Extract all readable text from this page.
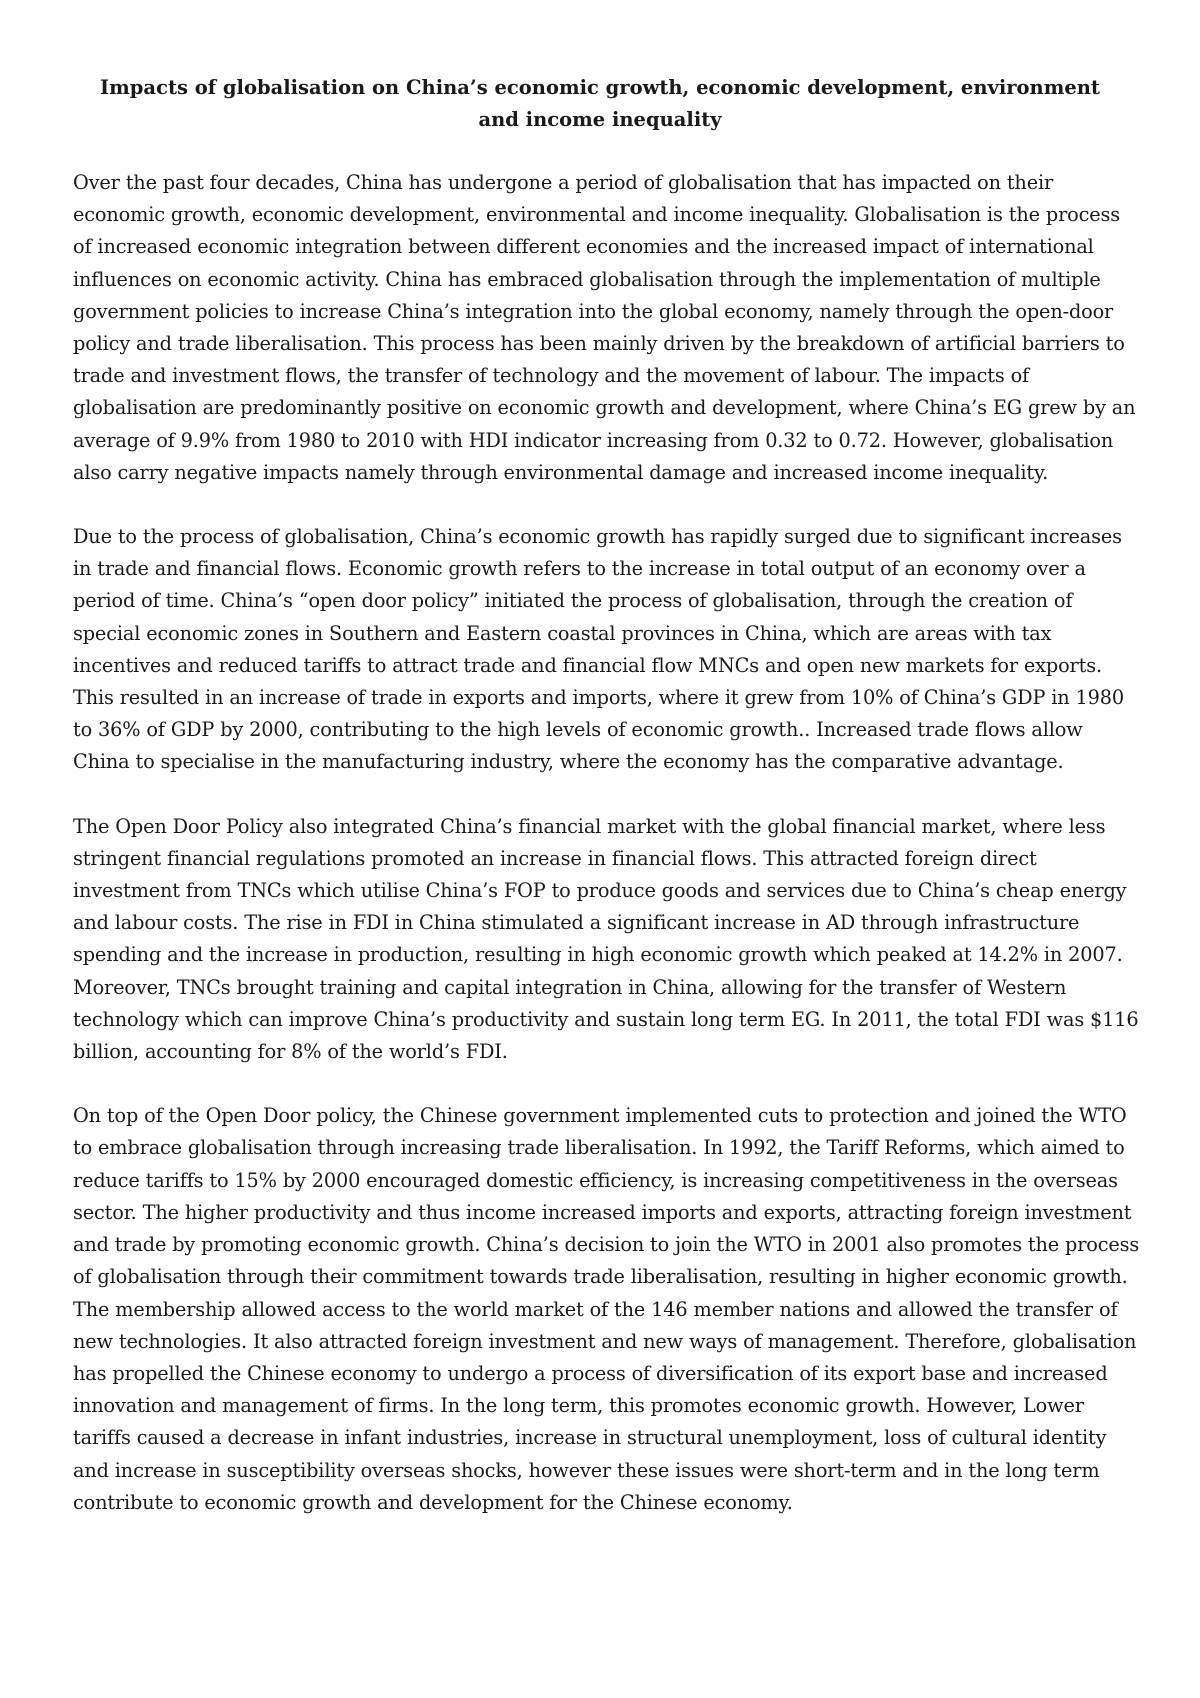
Impacts of globalisation on China’s economic growth, economic development, environment and income inequality

Over the past four decades, China has undergone a period of globalisation that has impacted on their economic growth, economic development, environmental and income inequality. Globalisation is the process of increased economic integration between different economies and the increased impact of international influences on economic activity. China has embraced globalisation through the implementation of multiple government policies to increase China’s integration into the global economy, namely through the open-door policy and trade liberalisation. This process has been mainly driven by the breakdown of artificial barriers to trade and investment flows, the transfer of technology and the movement of labour. The impacts of globalisation are predominantly positive on economic growth and development, where China’s EG grew by an average of 9.9% from 1980 to 2010 with HDI indicator increasing from 0.32 to 0.72. However, globalisation also carry negative impacts namely through environmental damage and increased income inequality.

Due to the process of globalisation, China’s economic growth has rapidly surged due to significant increases in trade and financial flows. Economic growth refers to the increase in total output of an economy over a period of time. China’s “open door policy” initiated the process of globalisation, through the creation of special economic zones in Southern and Eastern coastal provinces in China, which are areas with tax incentives and reduced tariffs to attract trade and financial flow MNCs and open new markets for exports. This resulted in an increase of trade in exports and imports, where it grew from 10% of China’s GDP in 1980 to 36% of GDP by 2000, contributing to the high levels of economic growth.. Increased trade flows allow China to specialise in the manufacturing industry, where the economy has the comparative advantage.

The Open Door Policy also integrated China’s financial market with the global financial market, where less stringent financial regulations promoted an increase in financial flows. This attracted foreign direct investment from TNCs which utilise China’s FOP to produce goods and services due to China’s cheap energy and labour costs. The rise in FDI in China stimulated a significant increase in AD through infrastructure spending and the increase in production, resulting in high economic growth which peaked at 14.2% in 2007. Moreover, TNCs brought training and capital integration in China, allowing for the transfer of Western technology which can improve China’s productivity and sustain long term EG. In 2011, the total FDI was $116 billion, accounting for 8% of the world’s FDI.

On top of the Open Door policy, the Chinese government implemented cuts to protection and joined the WTO to embrace globalisation through increasing trade liberalisation. In 1992, the Tariff Reforms, which aimed to reduce tariffs to 15% by 2000 encouraged domestic efficiency, is increasing competitiveness in the overseas sector. The higher productivity and thus income increased imports and exports, attracting foreign investment and trade by promoting economic growth. China’s decision to join the WTO in 2001 also promotes the process of globalisation through their commitment towards trade liberalisation, resulting in higher economic growth. The membership allowed access to the world market of the 146 member nations and allowed the transfer of new technologies. It also attracted foreign investment and new ways of management. Therefore, globalisation has propelled the Chinese economy to undergo a process of diversification of its export base and increased innovation and management of firms. In the long term, this promotes economic growth. However, Lower tariffs caused a decrease in infant industries, increase in structural unemployment, loss of cultural identity and increase in susceptibility overseas shocks, however these issues were short-term and in the long term contribute to economic growth and development for the Chinese economy.
